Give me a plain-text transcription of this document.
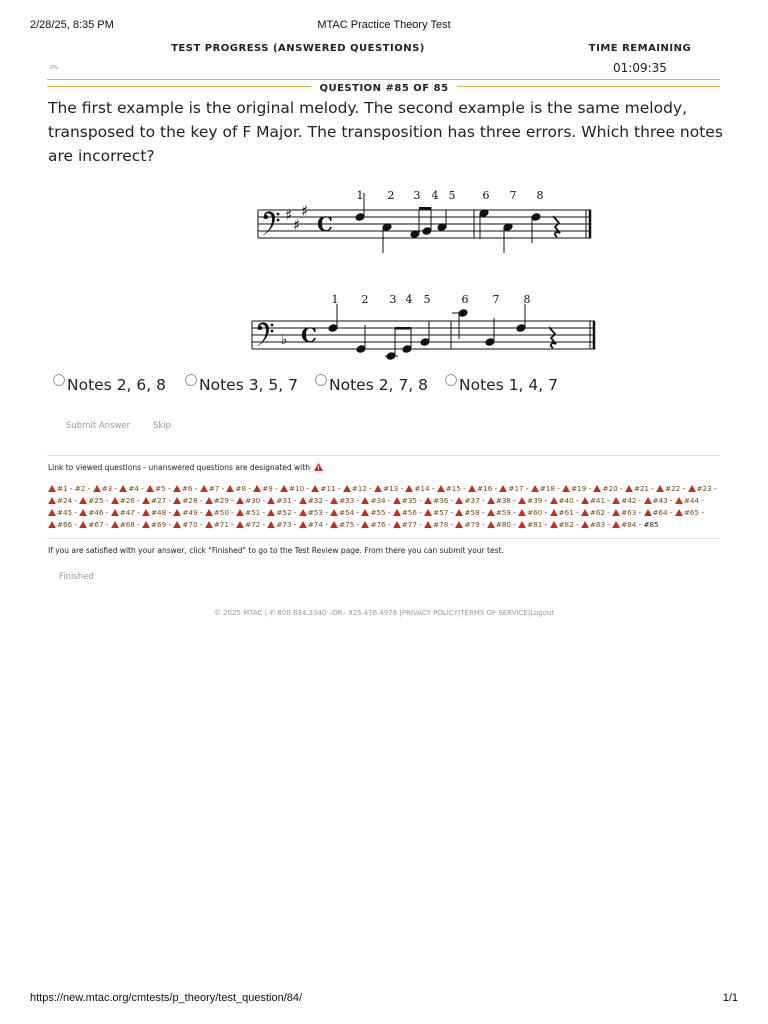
2/28/25, 8:35 PM	MTAC Practice Theory Test
TEST PROGRESS (ANSWERED QUESTIONS)
0%
TIME REMAINING
01:09:35
QUESTION #85 OF 85
The first example is the original melody. The second example is the same melody, transposed to the key of F Major. The transposition has three errors. Which three notes are incorrect?
1 2 3 4 5 6 7 8
♯
♯
♯
C
1 2 3 4 5	6 7 8
♭ C
Notes 2, 6, 8 Notes 3, 5, 7 Notes 2, 7, 8 Notes 1, 4, 7
Submit Answer	Skip
Link to viewed questions - unanswered questions are designated with
#1 - #2 - #3 - #4 - #5 - #6 - #7 - #8 - #9 - #10 - #11 - #12 - #13 - #14 - #15 - #16 - #17 - #18 - #19 - #20 - #21 - #22 - #23 - #24 - #25 - #26 - #27 - #28 - #29 - #30 - #31 - #32 - #33 - #34 - #35 - #36 - #37 - #38 - #39 - #40 - #41 - #42 - #43 - #44 - #45 - #46 - #47 - #48 - #49 - #50 - #51 - #52 - #53 - #54 - #55 - #56 - #57 - #58 - #59 - #60 - #61 - #62 - #63 - #64 - #65 - #66 - #67 - #68 - #69 - #70 - #71 - #72 - #73 - #74 - #75 - #76 - #77 - #78 - #79 - #80 - #81 - #82 - #83 - #84 - #85
If you are satisfied with your answer, click "Finished" to go to the Test Review page. From there you can submit your test.
Finished
© 2025 MTAC | ✆ 800.834.3340 –OR– 925.476.4976 |PRIVACY POLICY|TERMS OF SERVICE|Logout
https://new.mtac.org/cmtests/p_theory/test_question/84/	1/1
